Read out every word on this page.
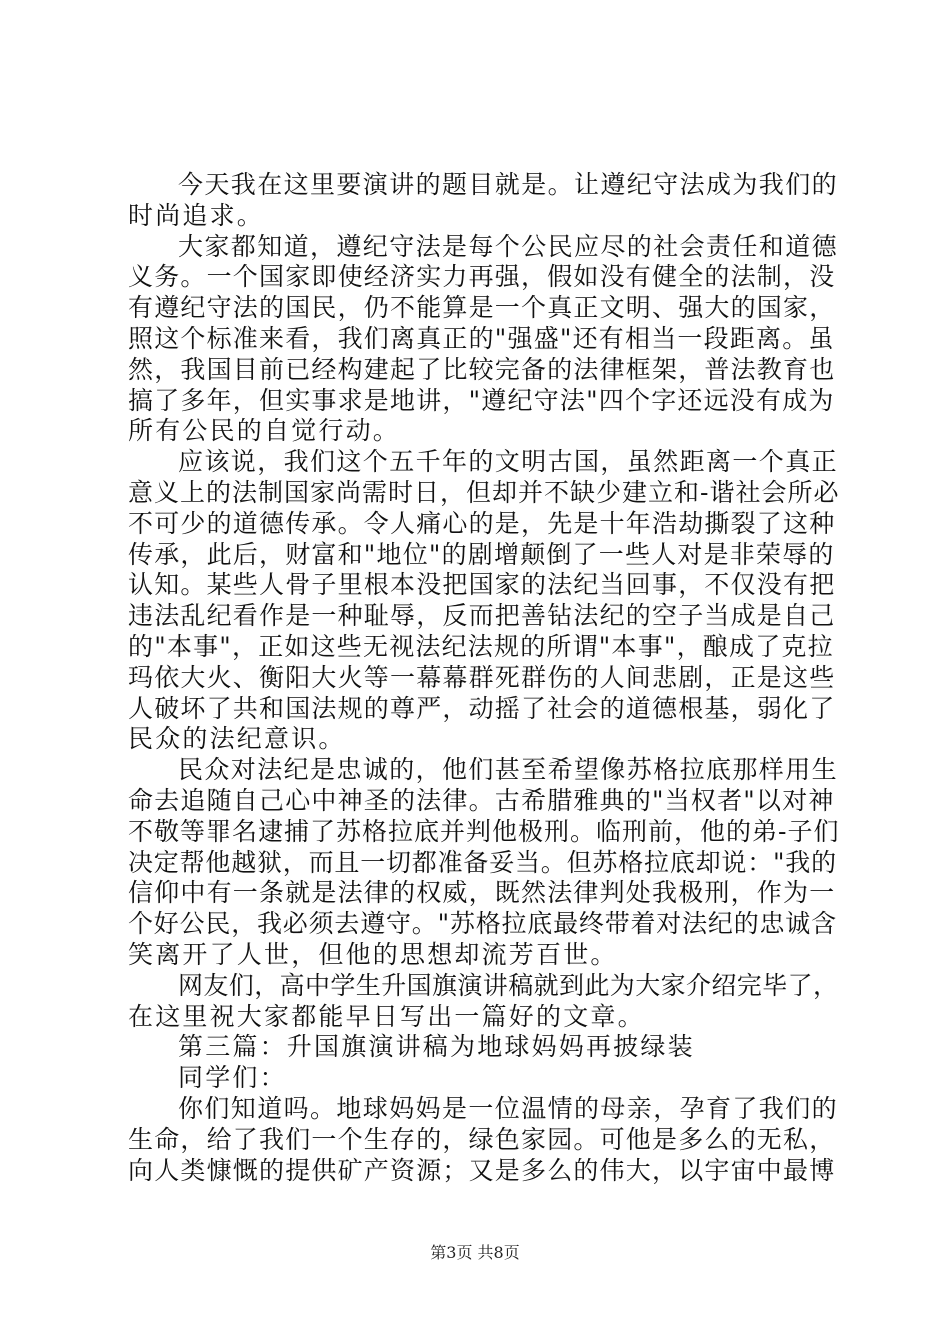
今天我在这里要演讲的题目就是。让遵纪守法成为我们的

时尚追求。

大家都知道，遵纪守法是每个公民应尽的社会责任和道德

义务。一个国家即使经济实力再强，假如没有健全的法制，没

有遵纪守法的国民，仍不能算是一个真正文明、强大的国家，

照这个标准来看，我们离真正的"强盛"还有相当一段距离。虽

然，我国目前已经构建起了比较完备的法律框架，普法教育也

搞了多年，但实事求是地讲，"遵纪守法"四个字还远没有成为

所有公民的自觉行动。

应该说，我们这个五千年的文明古国，虽然距离一个真正

意义上的法制国家尚需时日，但却并不缺少建立和-谐社会所必

不可少的道德传承。令人痛心的是，先是十年浩劫撕裂了这种

传承，此后，财富和"地位"的剧增颠倒了一些人对是非荣辱的

认知。某些人骨子里根本没把国家的法纪当回事，不仅没有把

违法乱纪看作是一种耻辱，反而把善钻法纪的空子当成是自己

的"本事"，正如这些无视法纪法规的所谓"本事"，酿成了克拉

玛依大火、衡阳大火等一幕幕群死群伤的人间悲剧，正是这些

人破坏了共和国法规的尊严，动摇了社会的道德根基，弱化了

民众的法纪意识。

民众对法纪是忠诚的，他们甚至希望像苏格拉底那样用生

命去追随自己心中神圣的法律。古希腊雅典的"当权者"以对神

不敬等罪名逮捕了苏格拉底并判他极刑。临刑前，他的弟-子们

决定帮他越狱，而且一切都准备妥当。但苏格拉底却说："我的

信仰中有一条就是法律的权威，既然法律判处我极刑，作为一

个好公民，我必须去遵守。"苏格拉底最终带着对法纪的忠诚含

笑离开了人世，但他的思想却流芳百世。

网友们，高中学生升国旗演讲稿就到此为大家介绍完毕了，

在这里祝大家都能早日写出一篇好的文章。

第三篇：升国旗演讲稿为地球妈妈再披绿装

同学们：

你们知道吗。地球妈妈是一位温情的母亲，孕育了我们的

生命，给了我们一个生存的，绿色家园。可他是多么的无私，

向人类慷慨的提供矿产资源；又是多么的伟大，以宇宙中最博

第3页 共8页
